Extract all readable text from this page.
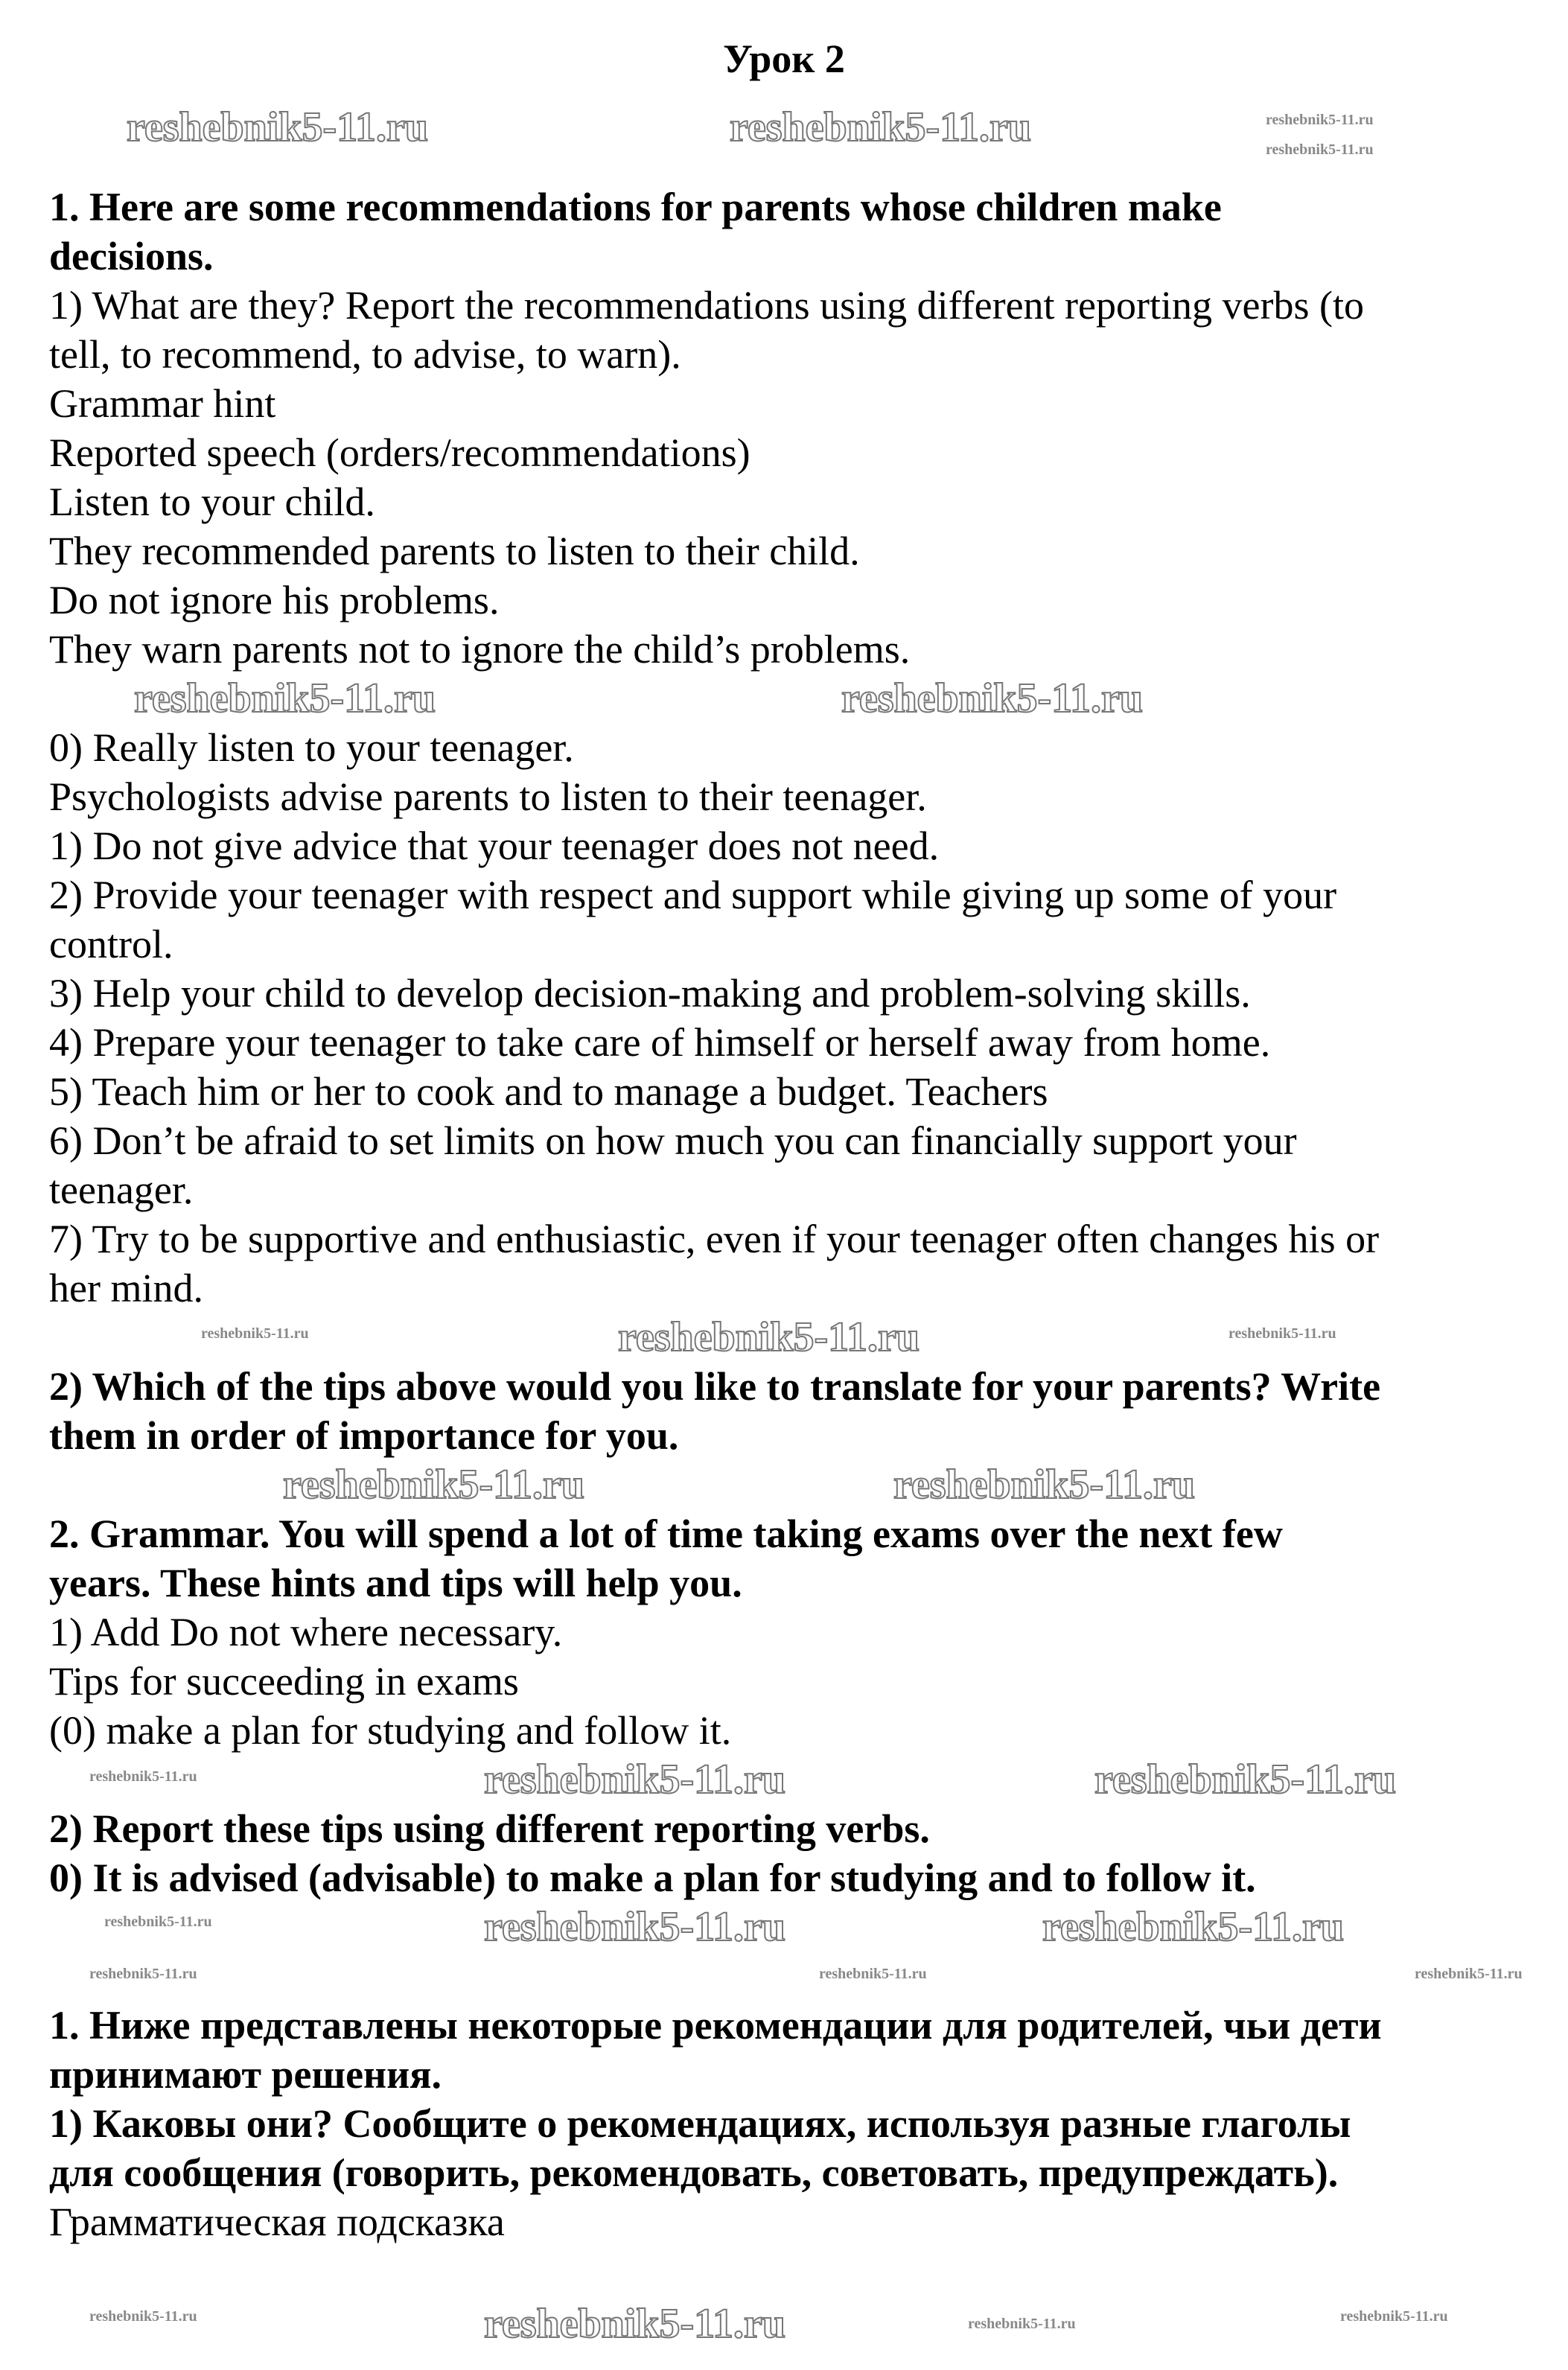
Урок 2
1. Here are some recommendations for parents whose children make
decisions.
1) What are they? Report the recommendations using different reporting verbs (to
tell, to recommend, to advise, to warn).
Grammar hint
Reported speech (orders/recommendations)
Listen to your child.
They recommended parents to listen to their child.
Do not ignore his problems.
They warn parents not to ignore the child’s problems.
0) Really listen to your teenager.
Psychologists advise parents to listen to their teenager.
1) Do not give advice that your teenager does not need.
2) Provide your teenager with respect and support while giving up some of your
control.
3) Help your child to develop decision-making and problem-solving skills.
4) Prepare your teenager to take care of himself or herself away from home.
5) Teach him or her to cook and to manage a budget. Teachers
6) Don’t be afraid to set limits on how much you can financially support your
teenager.
7) Try to be supportive and enthusiastic, even if your teenager often changes his or
her mind.
2) Which of the tips above would you like to translate for your parents? Write
them in order of importance for you.
2. Grammar. You will spend a lot of time taking exams over the next few
years. These hints and tips will help you.
1) Add Do not where necessary.
Tips for succeeding in exams
(0) make a plan for studying and follow it.
2) Report these tips using different reporting verbs.
0) It is advised (advisable) to make a plan for studying and to follow it.
1. Ниже представлены некоторые рекомендации для родителей, чьи дети
принимают решения.
1) Каковы они? Сообщите о рекомендациях, используя разные глаголы
для сообщения (говорить, рекомендовать, советовать, предупреждать).
Грамматическая подсказка
reshebnik5-11.ru	reshebnik5-11.ru	reshebnik5-11.ru
reshebnik5-11.ru
reshebnik5-11.ru	reshebnik5-11.ru
reshebnik5-11.ru
reshebnik5-11.ru	reshebnik5-11.ru
reshebnik5-11.ru	reshebnik5-11.ru
reshebnik5-11.ru	reshebnik5-11.ru
reshebnik5-11.ru
reshebnik5-11.ru	reshebnik5-11.ru
reshebnik5-11.ru
reshebnik5-11.ru	reshebnik5-11.ru	reshebnik5-11.ru
reshebnik5-11.ru
reshebnik5-11.ru	reshebnik5-11.ru
reshebnik5-11.ru
